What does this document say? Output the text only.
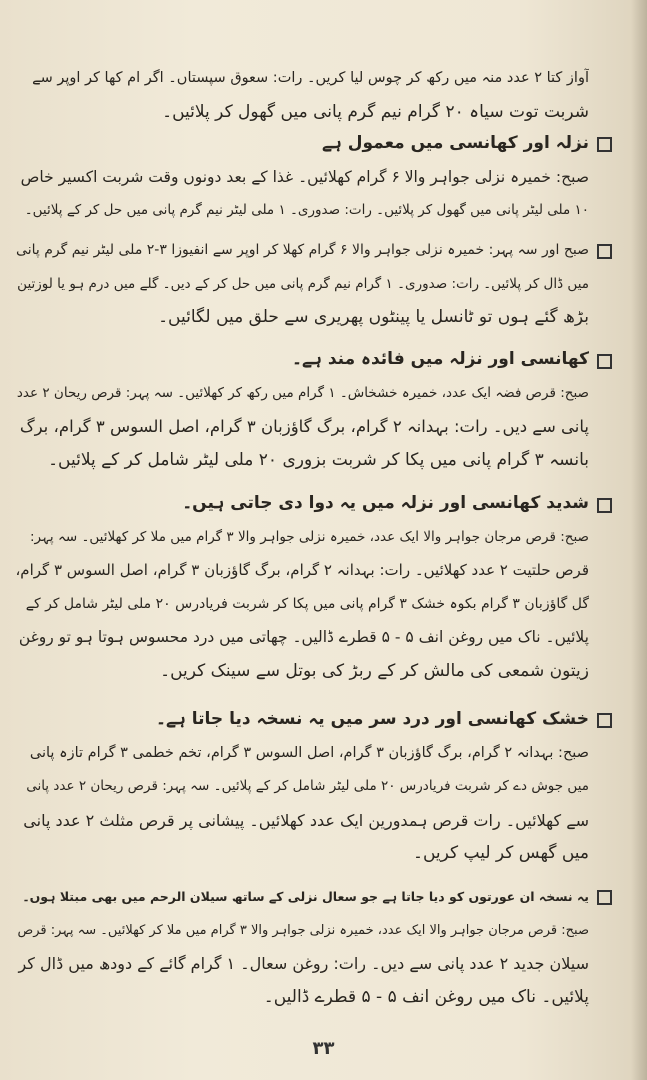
آواز کتا ۲ عدد منہ میں رکھ کر چوس لیا کریں۔ رات: سعوق سپستاں۔ اگر ام کھا کر اوپر سے
شربت توت سیاہ ۲۰ گرام نیم گرم پانی میں گھول کر پلائیں۔
نزلہ اور کھانسی میں معمول ہے
صبح: خمیرہ نزلی جواہر والا ۶ گرام کھلائیں۔ غذا کے بعد دونوں وقت شربت اکسیر خاص
۱۰ ملی لیٹر پانی میں گھول کر پلائیں۔ رات: صدوری۔ ۱ ملی لیٹر نیم گرم پانی میں حل کر کے پلائیں۔
صبح اور سہ پہر: خمیرہ نزلی جواہر والا ۶ گرام کھلا کر اوپر سے انفیوزا ۳-۲ ملی لیٹر نیم گرم پانی
میں ڈال کر پلائیں۔ رات: صدوری۔ ۱ گرام نیم گرم پانی میں حل کر کے دیں۔ گلے میں درم ہو یا لوزتین
بڑھ گئے ہوں تو ٹانسل یا پینٹوں پھریری سے حلق میں لگائیں۔
کھانسی اور نزلہ میں فائدہ مند ہے۔
صبح: قرص فضہ ایک عدد، خمیرہ خشخاش۔ ۱ گرام میں رکھ کر کھلائیں۔ سہ پہر: قرص ریحان ۲ عدد
پانی سے دیں۔ رات: بہدانہ ۲ گرام، برگ گاؤزبان ۳ گرام، اصل السوس ۳ گرام، برگ
بانسہ ۳ گرام پانی میں پکا کر شربت بزوری ۲۰ ملی لیٹر شامل کر کے پلائیں۔
شدید کھانسی اور نزلہ میں یہ دوا دی جاتی ہیں۔
صبح: قرص مرجان جواہر والا ایک عدد، خمیرہ نزلی جواہر والا ۳ گرام میں ملا کر کھلائیں۔ سہ پہر:
قرص حلتیت ۲ عدد کھلائیں۔ رات: بہدانہ ۲ گرام، برگ گاؤزبان ۳ گرام، اصل السوس ۳ گرام،
گل گاؤزبان ۳ گرام بکوہ خشک ۳ گرام پانی میں پکا کر شربت فریادرس ۲۰ ملی لیٹر شامل کر کے
پلائیں۔ ناک میں روغن انف ۵ - ۵ قطرے ڈالیں۔ چھاتی میں درد محسوس ہوتا ہو تو روغن
زیتون شمعی کی مالش کر کے ربڑ کی بوتل سے سینک کریں۔
خشک کھانسی اور درد سر میں یہ نسخہ دیا جاتا ہے۔
صبح: بہدانہ ۲ گرام، برگ گاؤزبان ۳ گرام، اصل السوس ۳ گرام، تخم خطمی ۳ گرام تازہ پانی
میں جوش دے کر شربت فریادرس ۲۰ ملی لیٹر شامل کر کے پلائیں۔ سہ پہر: قرص ریحان ۲ عدد پانی
سے کھلائیں۔ رات قرص ہمدورین ایک عدد کھلائیں۔ پیشانی پر قرص مثلث ۲ عدد پانی
میں گھس کر لیپ کریں۔
یہ نسخہ ان عورتوں کو دیا جاتا ہے جو سعال نزلی کے ساتھ سیلان الرحم میں بھی مبتلا ہوں۔
صبح: قرص مرجان جواہر والا ایک عدد، خمیرہ نزلی جواہر والا ۳ گرام میں ملا کر کھلائیں۔ سہ پہر: قرص
سیلان جدید ۲ عدد پانی سے دیں۔ رات: روغن سعال۔ ۱ گرام گائے کے دودھ میں ڈال کر
پلائیں۔ ناک میں روغن انف ۵ - ۵ قطرے ڈالیں۔
۳۳
